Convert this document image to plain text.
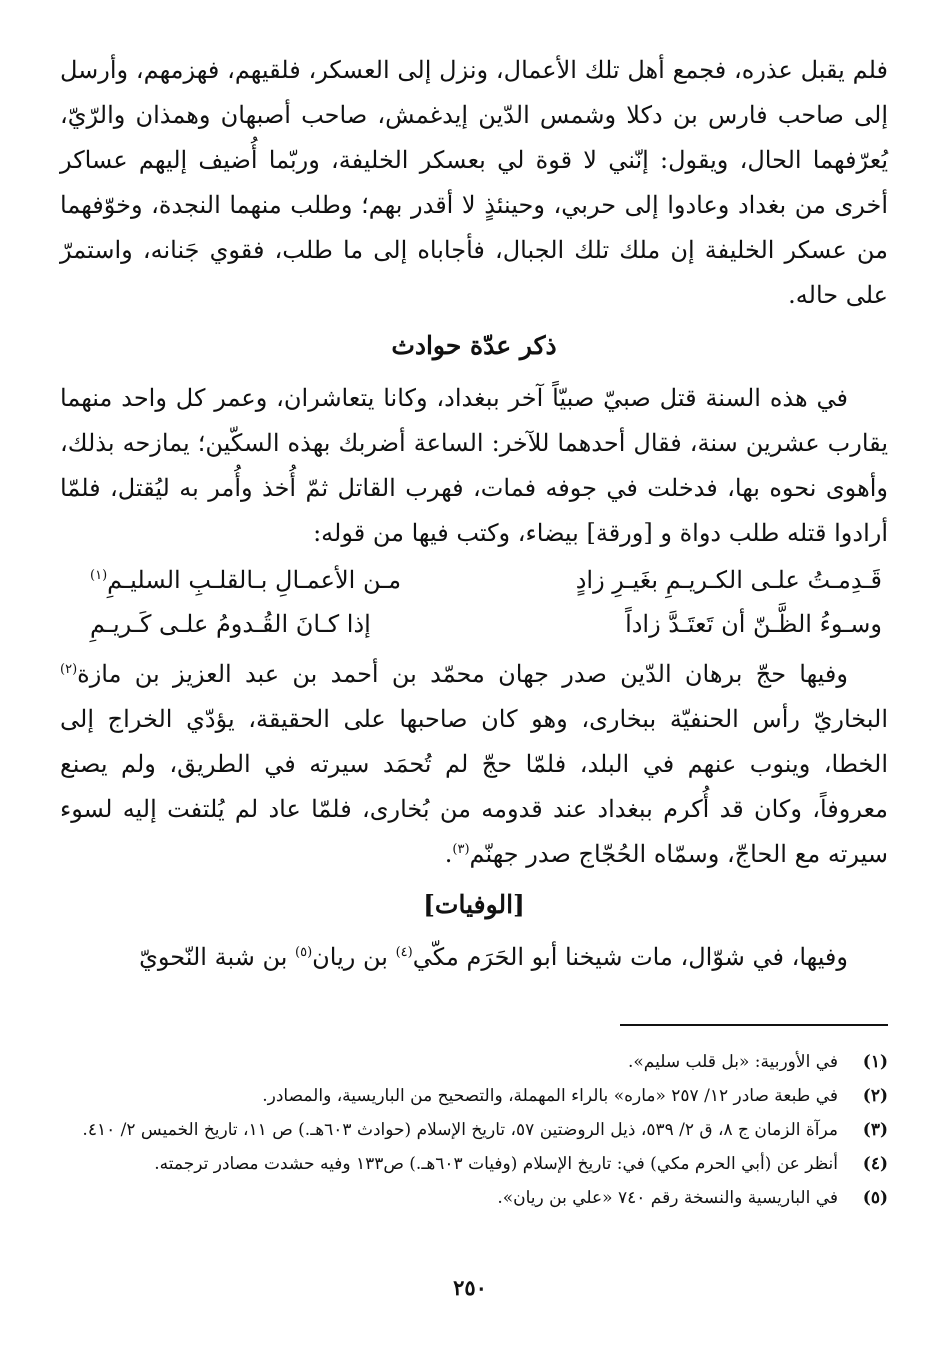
فلم يقبل عذره، فجمع أهل تلك الأعمال، ونزل إلى العسكر، فلقيهم، فهزمهم، وأرسل إلى صاحب فارس بن دكلا وشمس الدّين إيدغمش، صاحب أصبهان وهمذان والرّيّ، يُعرّفهما الحال، ويقول: إنّني لا قوة لي بعسكر الخليفة، وربّما أُضيف إليهم عساكر أخرى من بغداد وعادوا إلى حربي، وحينئذٍ لا أقدر بهم؛ وطلب منهما النجدة، وخوّفهما من عسكر الخليفة إن ملك تلك الجبال، فأجاباه إلى ما طلب، فقوي جَنانه، واستمرّ على حاله.

ذكر عدّة حوادث

في هذه السنة قتل صبيّ صبيّاً آخر ببغداد، وكانا يتعاشران، وعمر كل واحد منهما يقارب عشرين سنة، فقال أحدهما للآخر: الساعة أضربك بهذه السكّين؛ يمازحه بذلك، وأهوى نحوه بها، فدخلت في جوفه فمات، فهرب القاتل ثمّ أُخذ وأُمر به ليُقتل، فلمّا أرادوا قتله طلب دواة و [ورقة] بيضاء، وكتب فيها من قوله:

قَـدِمـتُ علـى الكـريـمِ بغَيـرِ زادٍ
مـن الأعمـالِ بـالقلـبِ السليـمِ$^{(١)}$
وسـوءُ الظَّـنّ أن تَعتَـدَّ زاداً
إذا كـانَ القُـدومُ علـى كَـريـمِ

وفيها حجّ برهان الدّين صدر جهان محمّد بن أحمد بن عبد العزيز بن مازة$^{(٢)}$ البخاريّ رأس الحنفيّة ببخارى، وهو كان صاحبها على الحقيقة، يؤدّي الخراج إلى الخطا، وينوب عنهم في البلد، فلمّا حجّ لم تُحمَد سيرته في الطريق، ولم يصنع معروفاً، وكان قد أُكرم ببغداد عند قدومه من بُخارى، فلمّا عاد لم يُلتفت إليه لسوء سيرته مع الحاجّ، وسمّاه الحُجّاج صدر جهنّم$^{(٣)}$.

[الوفيات]

وفيها، في شوّال، مات شيخنا أبو الحَرَم مكّي$^{(٤)}$ بن ريان$^{(٥)}$ بن شبة النّحويّ

(١)
في الأوربية: «بل قلب سليم».
(٢)
في طبعة صادر ١٢/ ٢٥٧ «ماره» بالراء المهملة، والتصحيح من الباريسية، والمصادر.
(٣)
مرآة الزمان ج ٨، ق ٢/ ٥٣٩، ذيل الروضتين ٥٧، تاريخ الإسلام (حوادث ٦٠٣هـ.) ص ١١، تاريخ الخميس ٢/ ٤١٠.
(٤)
أنظر عن (أبي الحرم مكي) في: تاريخ الإسلام (وفيات ٦٠٣هـ.) ص١٣٣ وفيه حشدت مصادر ترجمته.
(٥)
في الباريسية والنسخة رقم ٧٤٠ «علي بن ريان».
٢٥٠
